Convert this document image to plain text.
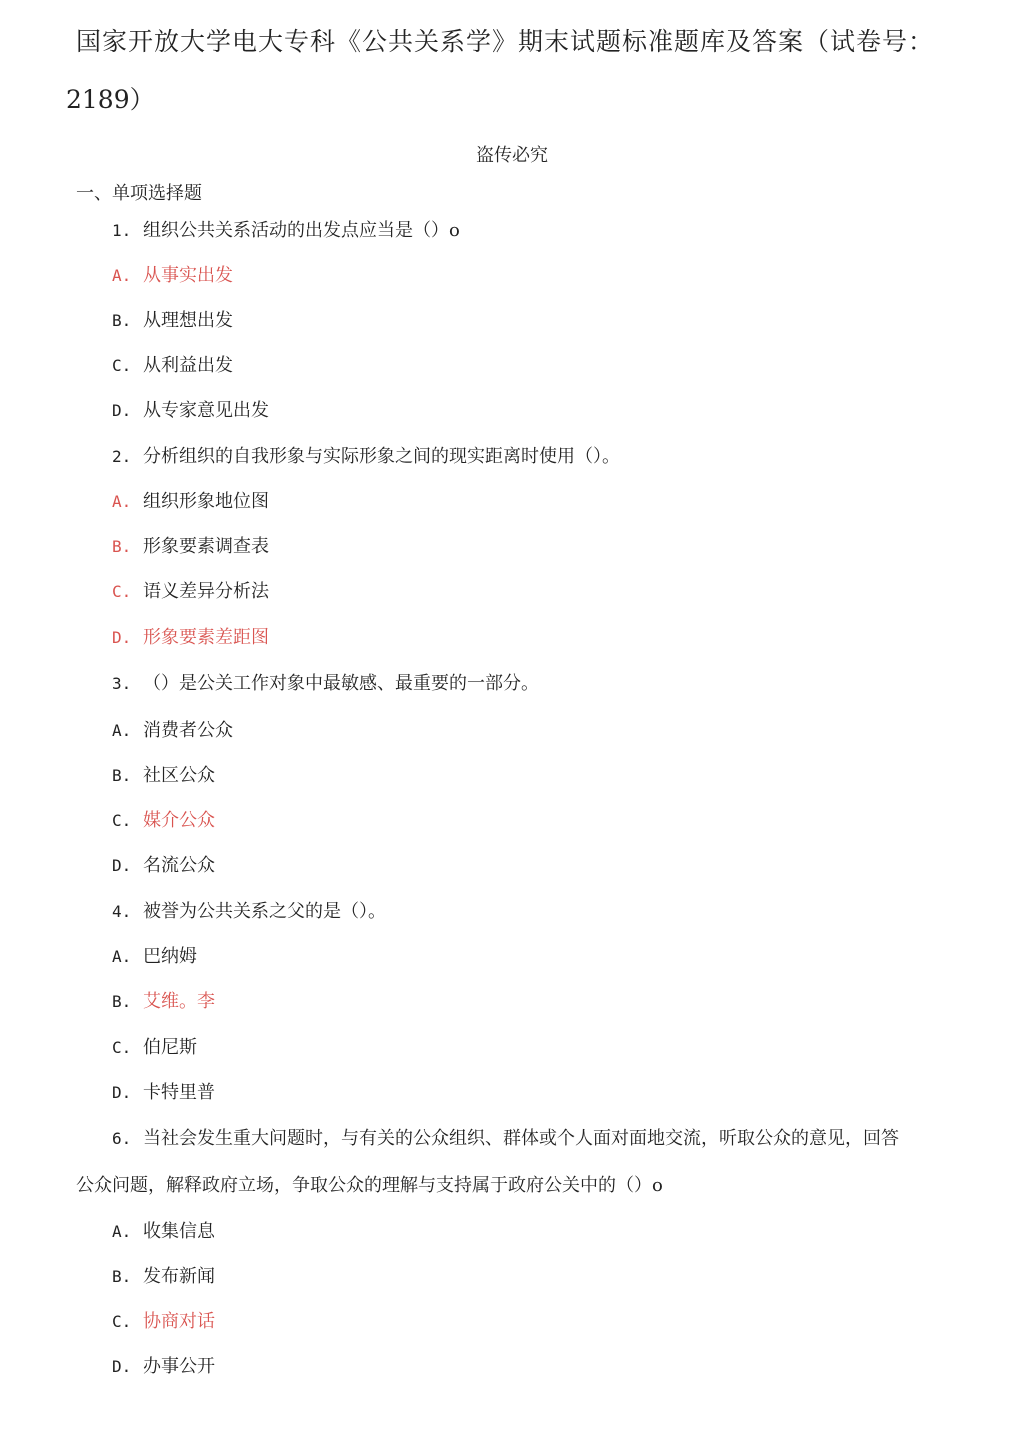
国家开放大学电大专科《公共关系学》期末试题标准题库及答案（试卷号：
2189）
盗传必究
一、单项选择题
1. 组织公共关系活动的出发点应当是（）o
A. 从事实出发
B. 从理想出发
C. 从利益出发
D. 从专家意见出发
2. 分析组织的自我形象与实际形象之间的现实距离时使用（）。
A. 组织形象地位图
B. 形象要素调查表
C. 语义差异分析法
D. 形象要素差距图
3. （）是公关工作对象中最敏感、最重要的一部分。
A. 消费者公众
B. 社区公众
C. 媒介公众
D. 名流公众
4. 被誉为公共关系之父的是（）。
A. 巴纳姆
B. 艾维。李
C. 伯尼斯
D. 卡特里普
6. 当社会发生重大问题时，与有关的公众组织、群体或个人面对面地交流，听取公众的意见，回答
公众问题，解释政府立场，争取公众的理解与支持属于政府公关中的（）o
A. 收集信息
B. 发布新闻
C. 协商对话
D. 办事公开
